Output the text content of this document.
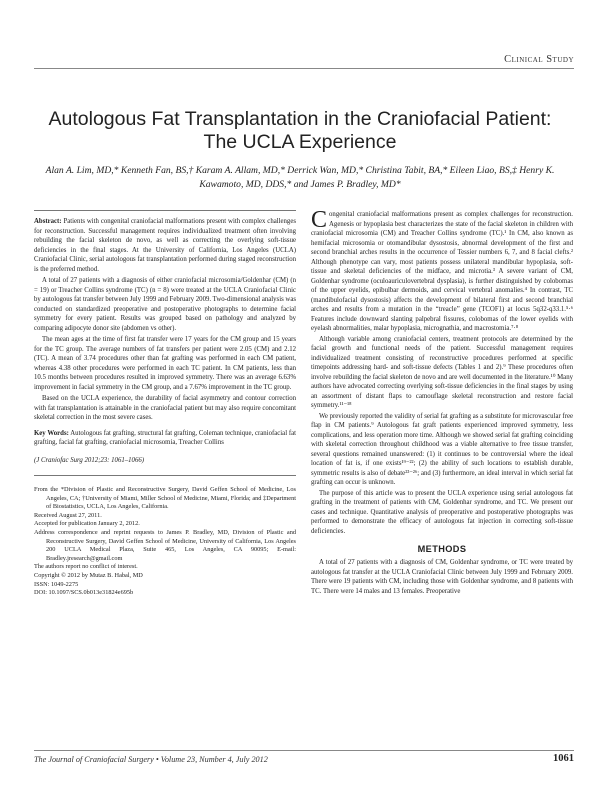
Clinical Study
Autologous Fat Transplantation in the Craniofacial Patient: The UCLA Experience

Alan A. Lim, MD,* Kenneth Fan, BS,† Karam A. Allam, MD,* Derrick Wan, MD,* Christina Tabit, BA,* Eileen Liao, BS,‡ Henry K. Kawamoto, MD, DDS,* and James P. Bradley, MD*

Abstract: Patients with congenital craniofacial malformations present with complex challenges for reconstruction. Successful management requires individualized treatment often involving rebuilding the facial skeleton de novo, as well as correcting the overlying soft-tissue deficiencies in the final stages. At the University of California, Los Angeles (UCLA) Craniofacial Clinic, serial autologous fat transplantation performed during staged reconstruction is the preferred method.

A total of 27 patients with a diagnosis of either craniofacial microsomia/Goldenhar (CM) (n = 19) or Treacher Collins syndrome (TC) (n = 8) were treated at the UCLA Craniofacial Clinic by autologous fat transfer between July 1999 and February 2009. Two-dimensional analysis was conducted on standardized preoperative and postoperative photographs to determine facial symmetry for every patient. Results was grouped based on pathology and analyzed by comparing adipocyte donor site (abdomen vs other).

The mean ages at the time of first fat transfer were 17 years for the CM group and 15 years for the TC group. The average numbers of fat transfers per patient were 2.05 (CM) and 2.12 (TC). A mean of 3.74 procedures other than fat grafting was performed in each CM patient, whereas 4.38 other procedures were performed in each TC patient. In CM patients, less than 10.5 months between procedures resulted in improved symmetry. There was an average 6.63% improvement in facial symmetry in the CM group, and a 7.67% improvement in the TC group.

Based on the UCLA experience, the durability of facial asymmetry and contour correction with fat transplantation is attainable in the craniofacial patient but may also require concomitant skeletal correction in the most severe cases.

Key Words: Autologous fat grafting, structural fat grafting, Coleman technique, craniofacial fat grafting, facial fat grafting, craniofacial microsomia, Treacher Collins

(J Craniofac Surg 2012;23: 1061–1066)

From the *Division of Plastic and Reconstructive Surgery, David Geffen School of Medicine, Los Angeles, CA; †University of Miami, Miller School of Medicine, Miami, Florida; and ‡Department of Biostatistics, UCLA, Los Angeles, California.

Received August 27, 2011.

Accepted for publication January 2, 2012.

Address correspondence and reprint requests to James P. Bradley, MD, Division of Plastic and Reconstructive Surgery, David Geffen School of Medicine, University of California, Los Angeles 200 UCLA Medical Plaza, Suite 465, Los Angeles, CA 90095; E-mail: Bradley.jresearch@gmail.com

The authors report no conflict of interest.

Copyright © 2012 by Mutaz B. Habal, MD

ISSN: 1049-2275

DOI: 10.1097/SCS.0b013e31824e695b

Congenital craniofacial malformations present as complex challenges for reconstruction. Agenesis or hypoplasia best characterizes the state of the facial skeleton in children with craniofacial microsomia (CM) and Treacher Collins syndrome (TC).¹ In CM, also known as hemifacial microsomia or otomandibular dysostosis, abnormal development of the first and second branchial arches results in the occurrence of Tessier numbers 6, 7, and 8 facial clefts.² Although phenotype can vary, most patients possess unilateral mandibular hypoplasia, soft-tissue and skeletal deficiencies of the midface, and microtia.³ A severe variant of CM, Goldenhar syndrome (oculoauriculovertebral dysplasia), is further distinguished by colobomas of the upper eyelids, epibulbar dermoids, and cervical vertebral anomalies.⁴ In contrast, TC (mandibulofacial dysostosis) affects the development of bilateral first and second branchial arches and results from a mutation in the “treacle” gene (TCOF1) at locus 5q32-q33.1.⁵·⁶ Features include downward slanting palpebral fissures, colobomas of the lower eyelids with eyelash abnormalities, malar hypoplasia, micrognathia, and macrostomia.⁷·⁸

Although variable among craniofacial centers, treatment protocols are determined by the facial growth and functional needs of the patient. Successful management requires individualized treatment consisting of reconstructive procedures performed at specific timepoints addressing hard- and soft-tissue defects (Tables 1 and 2).⁹ These procedures often involve rebuilding the facial skeleton de novo and are well documented in the literature.¹⁰ Many authors have advocated correcting overlying soft-tissue deficiencies in the final stages by using an assortment of distant flaps to camouflage skeletal reconstruction and restore facial symmetry.¹¹⁻¹⁸

We previously reported the validity of serial fat grafting as a substitute for microvascular free flap in CM patients.⁹ Autologous fat graft patients experienced improved symmetry, less complications, and less operation more time. Although we showed serial fat grafting coinciding with skeletal correction throughout childhood was a viable alternative to free tissue transfer, several questions remained unanswered: (1) it continues to be controversial where the ideal location of fat is, if one exists¹⁹⁻²²; (2) the ability of such locations to establish durable, symmetric results is also of debate²³⁻²⁶; and (3) furthermore, an ideal interval in which serial fat grafting can occur is unknown.

The purpose of this article was to present the UCLA experience using serial autologous fat grafting in the treatment of patients with CM, Goldenhar syndrome, and TC. We present our cases and technique. Quantitative analysis of preoperative and postoperative photographs was performed to demonstrate the efficacy of autologous fat injection in correcting soft-tissue deficiencies.

METHODS

A total of 27 patients with a diagnosis of CM, Goldenhar syndrome, or TC were treated by autologous fat transfer at the UCLA Craniofacial Clinic between July 1999 and February 2009. There were 19 patients with CM, including those with Goldenhar syndrome, and 8 patients with TC. There were 14 males and 13 females. Preoperative

The Journal of Craniofacial Surgery • Volume 23, Number 4, July 2012	1061
